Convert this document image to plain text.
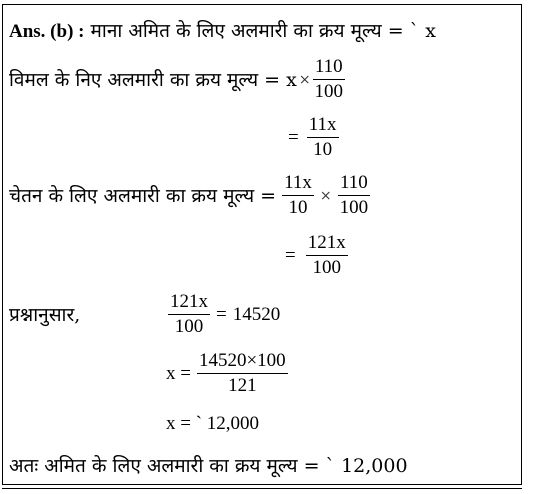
Ans. (b) : माना अमित के लिए अलमारी का क्रय मूल्य = ` x
विमल के निए अलमारी का क्रय मूल्य = $x \times \frac{110}{100}$
= $\frac{11x}{10}$
चेतन के लिए अलमारी का क्रय मूल्य = $\frac{11x}{10} \times \frac{110}{100}$
= $\frac{121x}{100}$
प्रश्नानुसार,	$\frac{121x}{100} = 14520$
$x = \frac{14520\times 100}{121}$
x = ` 12,000
अतः अमित के लिए अलमारी का क्रय मूल्य = ` 12,000
